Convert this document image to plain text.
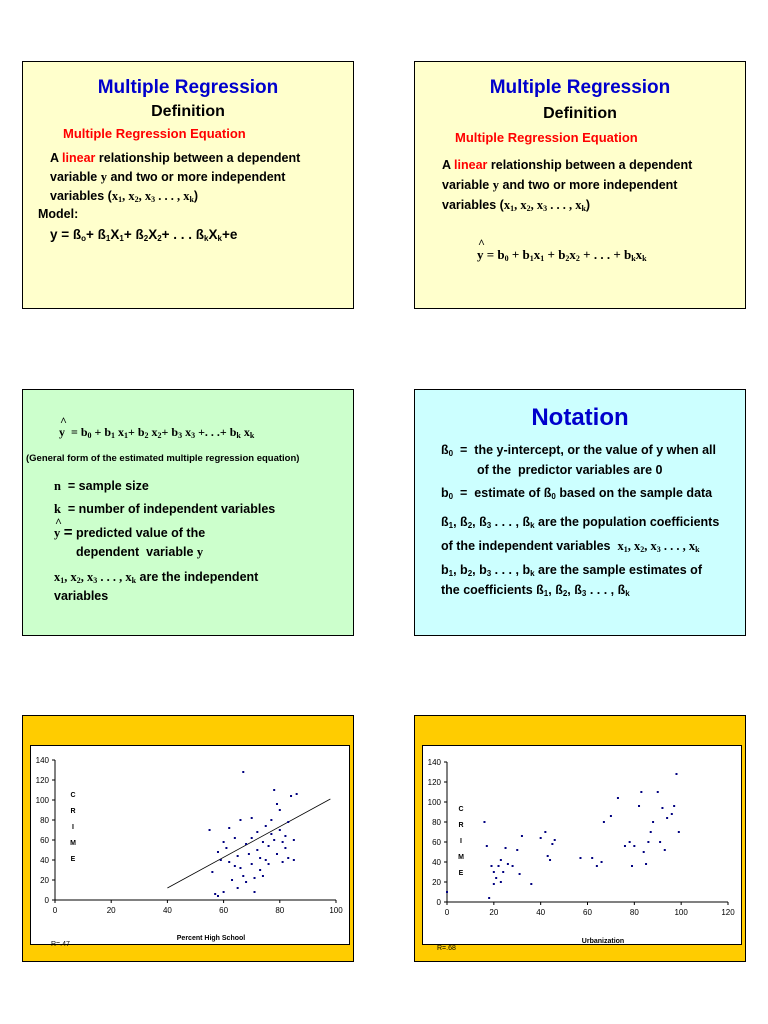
Multiple Regression
Definition
Multiple Regression Equation
A linear relationship between a dependent
variable y and two or more independent
variables ($x_1$, $x_2$, $x_3$ . . . , $x_k$)
Model:
$y = ß_o+$ $ß_1X_1+$ $ß_2X_2+$ . . . $ß_kX_k+e$
Multiple Regression
Definition
Multiple Regression Equation
A linear relationship between a dependent
variable y and two or more independent
variables ($x_1$, $x_2$, $x_3$ . . . , $x_k$)
^ $y = b_0 + b_1x_1 + b_2x_2$ + . . . + $b_kx_k$
^ $y = b_0 + b_1$ $x_1+ b_2$ $x_2+ b_3$ $x_3$ +. . .+ $b_k$ $x_k$
(General form of the estimated multiple regression equation)
n  = sample size
k  = number of independent variables
^ y = predicted value of the
dependent  variable y
$x_1$, $x_2$, $x_3$ . . . , $x_k$ are the independent
variables
Notation
$ß_0$  =  the y-intercept, or the value of y when all
of the  predictor variables are 0
$b_0$  =  estimate of $ß_0$ based on the sample data
$ß_1$, $ß_2$, $ß_3$ . . . , $ß_k$ are the population coefficients
of the independent variables  $x_1$, $x_2$, $x_3$ . . . , $x_k$
$b_1$, $b_2$, $b_3$ . . . , $b_k$ are the sample estimates of
the coefficients $ß_1$, $ß_2$, $ß_3$ . . . , $ß_k$
0
20
40
60
80
100
120
140
0	20	40	60	80	100
C
R
I
M
E
Percent High School
R=.47
0
20
40
60
80
100
120
140
0	20	40	60	80	100	120
C
R
I
M
E
Urbanization
R=.68
